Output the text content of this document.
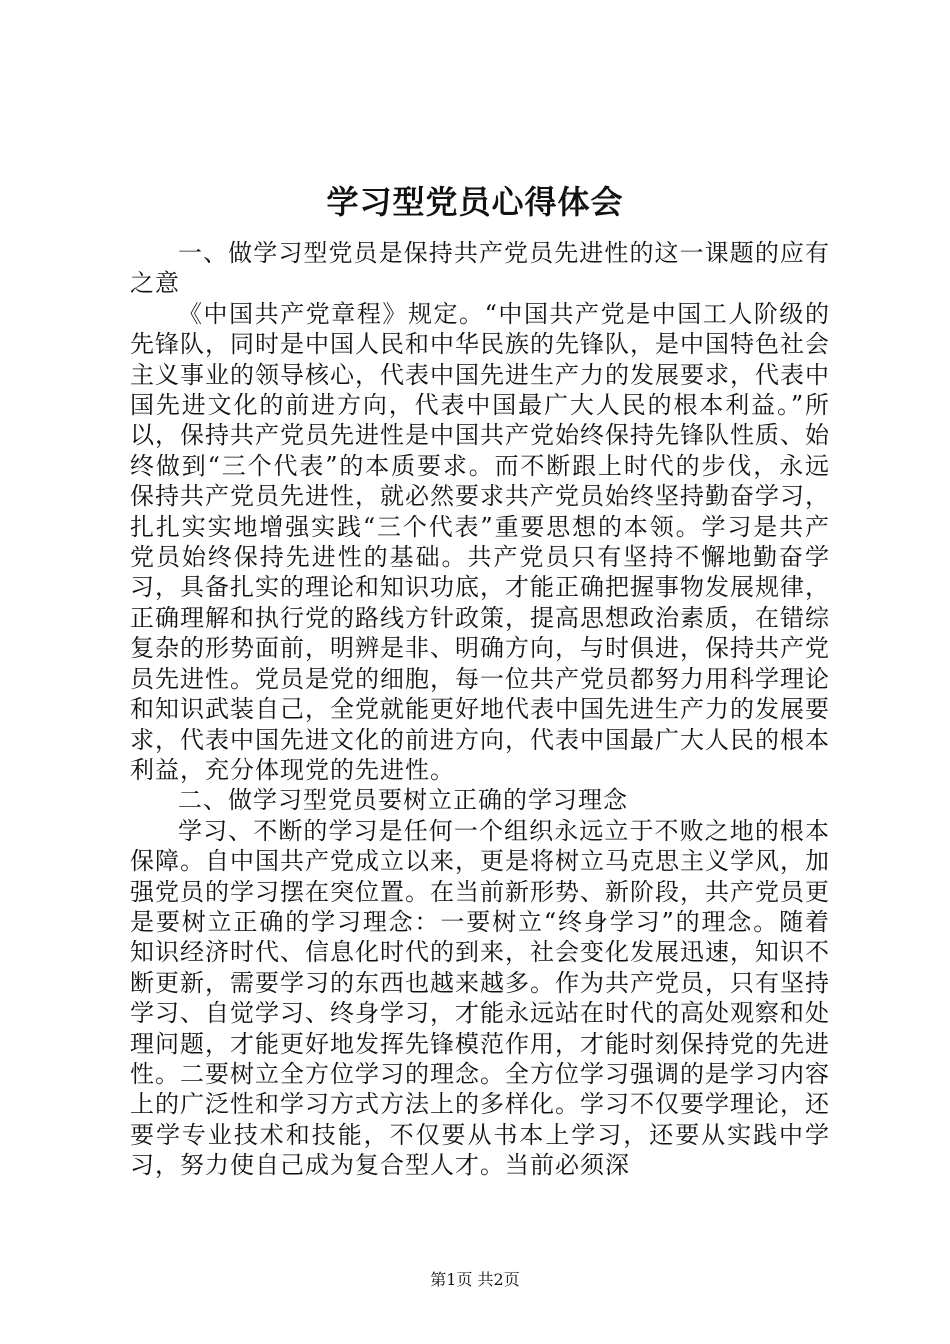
学习型党员心得体会

一、做学习型党员是保持共产党员先进性的这一课题的应有之意

《中国共产党章程》规定。“中国共产党是中国工人阶级的先锋队，同时是中国人民和中华民族的先锋队，是中国特色社会主义事业的领导核心，代表中国先进生产力的发展要求，代表中国先进文化的前进方向，代表中国最广大人民的根本利益。”所以，保持共产党员先进性是中国共产党始终保持先锋队性质、始终做到“三个代表”的本质要求。而不断跟上时代的步伐，永远保持共产党员先进性，就必然要求共产党员始终坚持勤奋学习，扎扎实实地增强实践“三个代表”重要思想的本领。学习是共产党员始终保持先进性的基础。共产党员只有坚持不懈地勤奋学习，具备扎实的理论和知识功底，才能正确把握事物发展规律，正确理解和执行党的路线方针政策，提高思想政治素质，在错综复杂的形势面前，明辨是非、明确方向，与时俱进，保持共产党员先进性。党员是党的细胞，每一位共产党员都努力用科学理论和知识武装自己，全党就能更好地代表中国先进生产力的发展要求，代表中国先进文化的前进方向，代表中国最广大人民的根本利益，充分体现党的先进性。

二、做学习型党员要树立正确的学习理念

学习、不断的学习是任何一个组织永远立于不败之地的根本保障。自中国共产党成立以来，更是将树立马克思主义学风，加强党员的学习摆在突位置。在当前新形势、新阶段，共产党员更是要树立正确的学习理念：一要树立“终身学习”的理念。随着知识经济时代、信息化时代的到来，社会变化发展迅速，知识不断更新，需要学习的东西也越来越多。作为共产党员，只有坚持学习、自觉学习、终身学习，才能永远站在时代的高处观察和处理问题，才能更好地发挥先锋模范作用，才能时刻保持党的先进性。二要树立全方位学习的理念。全方位学习强调的是学习内容上的广泛性和学习方式方法上的多样化。学习不仅要学理论，还要学专业技术和技能，不仅要从书本上学习，还要从实践中学习，努力使自己成为复合型人才。当前必须深

第1页 共2页
